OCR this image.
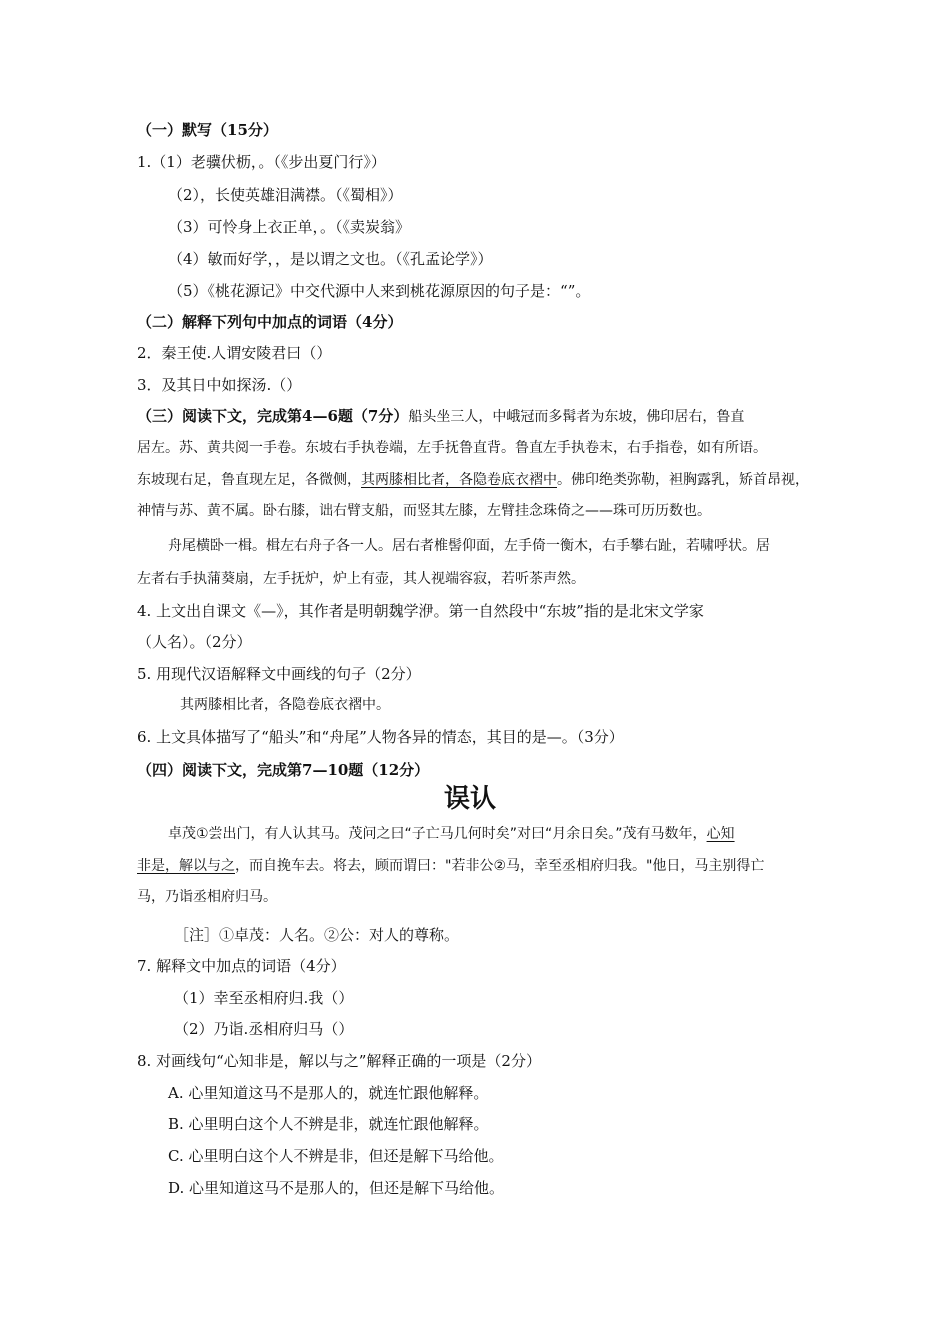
（一）默写（15分）
1.（1）老骥伏枥，。（《步出夏门行》）
（2），长使英雄泪满襟。（《蜀相》）
（3）可怜身上衣正单，。（《卖炭翁》
（4）敏而好学，，是以谓之文也。（《孔孟论学》）
（5）《桃花源记》中交代源中人来到桃花源原因的句子是：“”。
（二）解释下列句中加点的词语（4分）
2．秦王使.人谓安陵君曰（）
3．及其日中如探汤.（）
（三）阅读下文，完成第4—6题（7分）船头坐三人，中峨冠而多髯者为东坡，佛印居右，鲁直
居左。苏、黄共阅一手卷。东坡右手执卷端，左手抚鲁直背。鲁直左手执卷末，右手指卷，如有所语。
东坡现右足，鲁直现左足，各微侧，其两膝相比者，各隐卷底衣褶中。佛印绝类弥勒，袒胸露乳，矫首昂视，
神情与苏、黄不属。卧右膝，诎右臂支船，而竖其左膝，左臂挂念珠倚之——珠可历历数也。
舟尾横卧一楫。楫左右舟子各一人。居右者椎髻仰面，左手倚一衡木，右手攀右趾，若啸呼状。居
左者右手执蒲葵扇，左手抚炉，炉上有壶，其人视端容寂，若听茶声然。
4. 上文出自课文《—》，其作者是明朝魏学洢。第一自然段中“东坡”指的是北宋文学家
（人名）。（2分）
5. 用现代汉语解释文中画线的句子（2分）
其两膝相比者，各隐卷底衣褶中。
6. 上文具体描写了“船头”和“舟尾”人物各异的情态，其目的是—。（3分）
（四）阅读下文，完成第7—10题（12分）
误认
卓茂①尝出门，有人认其马。茂问之曰“子亡马几何时矣”对曰“月余日矣。”茂有马数年，心知
非是，解以与之，而自挽车去。将去，顾而谓曰："若非公②马，幸至丞相府归我。"他日，马主别得亡
马，乃诣丞相府归马。
［注］①卓茂：人名。②公：对人的尊称。
7. 解释文中加点的词语（4分）
（1）幸至丞相府归.我（）
（2）乃诣.丞相府归马（）
8. 对画线句“心知非是，解以与之”解释正确的一项是（2分）
A. 心里知道这马不是那人的，就连忙跟他解释。
B. 心里明白这个人不辨是非，就连忙跟他解释。
C. 心里明白这个人不辨是非，但还是解下马给他。
D. 心里知道这马不是那人的，但还是解下马给他。
